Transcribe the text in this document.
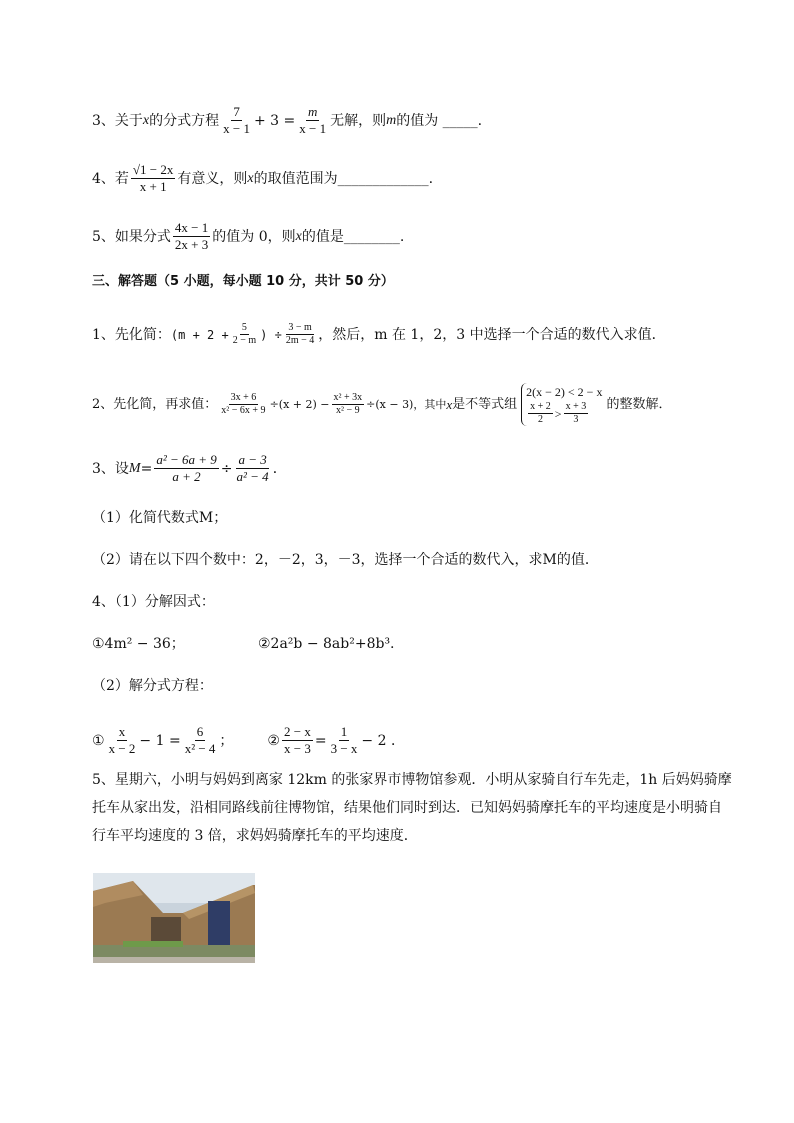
3、关于 x 的分式方程 $\frac{7}{x - 1} + 3 = \frac{m}{x - 1}$ 无解，则 m 的值为 _____.
4、若 $\frac{√1 - 2x}{x + 1}$ 有意义，则 x 的取值范围为_____________.
5、如果分式 $\frac{4x - 1}{2x + 3}$ 的值为 0，则 x 的值是________.
三、解答题（5 小题，每小题 10 分，共计 50 分）
1、先化简： ($m + 2 + \frac{5}{2 - m}$ ) ÷ $\frac{3 - m}{2m - 4}$ ，然后，m 在 1，2，3 中选择一个合适的数代入求值．
2、先化简，再求值： $\frac{3x + 6}{\text{x² − 6x + 9}} \div(x + 2) - \frac{\text{x² + 3x}}{\text{x² − 9}} \div(x - 3)$，其中 x 是不等式组
2(x − 2) < 2 − x
$\frac{x + 2}{2} > \frac{x + 3}{3}$ 的整数解．
3、设 $M = \frac{\text{a² − 6a + 9}}{a + 2} \div \frac{a - 3}{\text{a² − 4}}$ ．
（1）化简代数式M；
（2）请在以下四个数中：2，－2，3，－3，选择一个合适的数代入，求M的值．
4、（1）分解因式：
①4m² − 36；	②2a²b − 8ab²+8b³.
（2）解分式方程：
① $\frac{x}{x - 2} - 1 = \frac{6}{\text{x² − 4}}$ ； ② $\frac{2 - x}{x - 3} = \frac{1}{3 - x} - 2$ ．
5、星期六，小明与妈妈到离家 12km 的张家界市博物馆参观．小明从家骑自行车先走，1h 后妈妈骑摩托车从家出发，沿相同路线前往博物馆，结果他们同时到达．已知妈妈骑摩托车的平均速度是小明骑自行车平均速度的 3 倍，求妈妈骑摩托车的平均速度．
